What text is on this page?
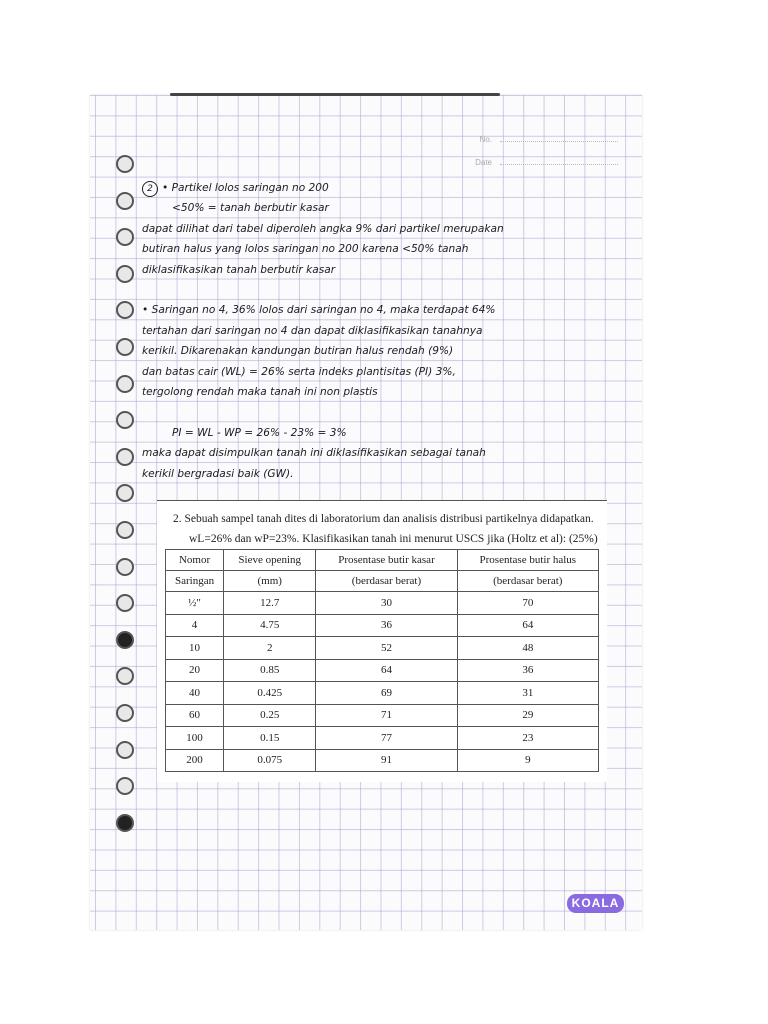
No.
Date

2 • Partikel lolos saringan no 200

<50% = tanah berbutir kasar

dapat dilihat dari tabel diperoleh angka 9% dari partikel merupakan

butiran halus yang lolos saringan no 200 karena <50% tanah

diklasifikasikan tanah berbutir kasar

• Saringan no 4, 36% lolos dari saringan no 4, maka terdapat 64%

tertahan dari saringan no 4 dan dapat diklasifikasikan tanahnya

kerikil. Dikarenakan kandungan butiran halus rendah (9%)

dan batas cair (WL) = 26% serta indeks plantisitas (PI) 3%,

tergolong rendah maka tanah ini non plastis

PI = WL - WP = 26% - 23% = 3%

maka dapat disimpulkan tanah ini diklasifikasikan sebagai tanah

kerikil bergradasi baik (GW).

2. Sebuah sampel tanah dites di laboratorium dan analisis distribusi partikelnya didapatkan. wL=26% dan wP=23%. Klasifikasikan tanah ini menurut USCS jika (Holtz et al): (25%)

Nomor	Sieve opening	Prosentase butir kasar	Prosentase butir halus
Saringan	(mm)	(berdasar berat)	(berdasar berat)
½"	12.7	30	70
4	4.75	36	64
10	2	52	48
20	0.85	64	36
40	0.425	69	31
60	0.25	71	29
100	0.15	77	23
200	0.075	91	9
KOALA
